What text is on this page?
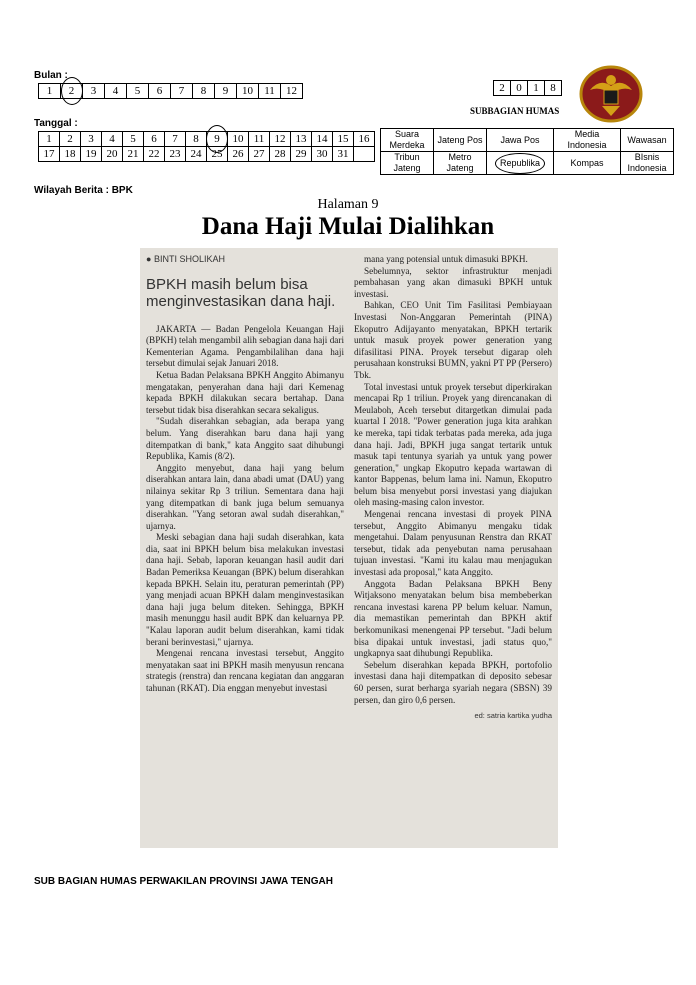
Bulan :
1	2	3	4	5	6	7	8	9	10	11	12
Tanggal :
1	2	3	4	5	6	7	8	9	10	11	12	13	14	15	16
17	18	19	20	21	22	23	24	25	26	27	28	29	30	31	
Wilayah Berita : BPK
2	0	1	8
SUBBAGIAN HUMAS
Suara Merdeka	Jateng Pos	Jawa Pos	Media Indonesia	Wawasan
Tribun Jateng	Metro Jateng	Republika	Kompas	BIsnis Indonesia
Halaman 9
Dana Haji Mulai Dialihkan
● BINTI SHOLIKAH
BPKH masih belum bisa menginvestasikan dana haji.

JAKARTA — Badan Pengelola Keuangan Haji (BPKH) telah mengambil alih sebagian dana haji dari Kementerian Agama. Pengambilalihan dana haji tersebut dimulai sejak Januari 2018.

Ketua Badan Pelaksana BPKH Anggito Abimanyu mengatakan, penyerahan dana haji dari Kemenag kepada BPKH dilakukan secara bertahap. Dana tersebut tidak bisa diserahkan secara sekaligus.

"Sudah diserahkan sebagian, ada berapa yang belum. Yang diserahkan baru dana haji yang ditempatkan di bank," kata Anggito saat dihubungi Republika, Kamis (8/2).

Anggito menyebut, dana haji yang belum diserahkan antara lain, dana abadi umat (DAU) yang nilainya sekitar Rp 3 triliun. Sementara dana haji yang ditempatkan di bank juga belum semuanya diserahkan. "Yang setoran awal sudah diserahkan," ujarnya.

Meski sebagian dana haji sudah diserahkan, kata dia, saat ini BPKH belum bisa melakukan investasi dana haji. Sebab, laporan keuangan hasil audit dari Badan Pemeriksa Keuangan (BPK) belum diserahkan kepada BPKH. Selain itu, peraturan pemerintah (PP) yang menjadi acuan BPKH dalam menginvestasikan dana haji juga belum diteken. Sehingga, BPKH masih menunggu hasil audit BPK dan keluarnya PP. "Kalau laporan audit belum diserahkan, kami tidak berani berinvestasi," ujarnya.

Mengenai rencana investasi tersebut, Anggito menyatakan saat ini BPKH masih menyusun rencana strategis (renstra) dan rencana kegiatan dan anggaran tahunan (RKAT). Dia enggan menyebut investasi

mana yang potensial untuk dimasuki BPKH.

Sebelumnya, sektor infrastruktur menjadi pembahasan yang akan dimasuki BPKH untuk investasi.

Bahkan, CEO Unit Tim Fasilitasi Pembiayaan Investasi Non-Anggaran Pemerintah (PINA) Ekoputro Adijayanto menyatakan, BPKH tertarik untuk masuk proyek power generation yang difasilitasi PINA. Proyek tersebut digarap oleh perusahaan konstruksi BUMN, yakni PT PP (Persero) Tbk.

Total investasi untuk proyek tersebut diperkirakan mencapai Rp 1 triliun. Proyek yang direncanakan di Meulaboh, Aceh tersebut ditargetkan dimulai pada kuartal I 2018. "Power generation juga kita arahkan ke mereka, tapi tidak terbatas pada mereka, ada juga dana haji. Jadi, BPKH juga sangat tertarik untuk masuk tapi tentunya syariah ya untuk yang power generation," ungkap Ekoputro kepada wartawan di kantor Bappenas, belum lama ini. Namun, Ekoputro belum bisa menyebut porsi investasi yang diajukan oleh masing-masing calon investor.

Mengenai rencana investasi di proyek PINA tersebut, Anggito Abimanyu mengaku tidak mengetahui. Dalam penyusunan Renstra dan RKAT tersebut, tidak ada penyebutan nama perusahaan tujuan investasi. "Kami itu kalau mau menjagukan investasi ada proposal," kata Anggito.

Anggota Badan Pelaksana BPKH Beny Witjaksono menyatakan belum bisa membeberkan rencana investasi karena PP belum keluar. Namun, dia memastikan pemerintah dan BPKH aktif berkomunikasi menengenai PP tersebut. "Jadi belum bisa dipakai untuk investasi, jadi status quo," ungkapnya saat dihubungi Republika.

Sebelum diserahkan kepada BPKH, portofolio investasi dana haji ditempatkan di deposito sebesar 60 persen, surat berharga syariah negara (SBSN) 39 persen, dan giro 0,6 persen.

ed: satria kartika yudha
SUB BAGIAN HUMAS PERWAKILAN PROVINSI JAWA TENGAH
